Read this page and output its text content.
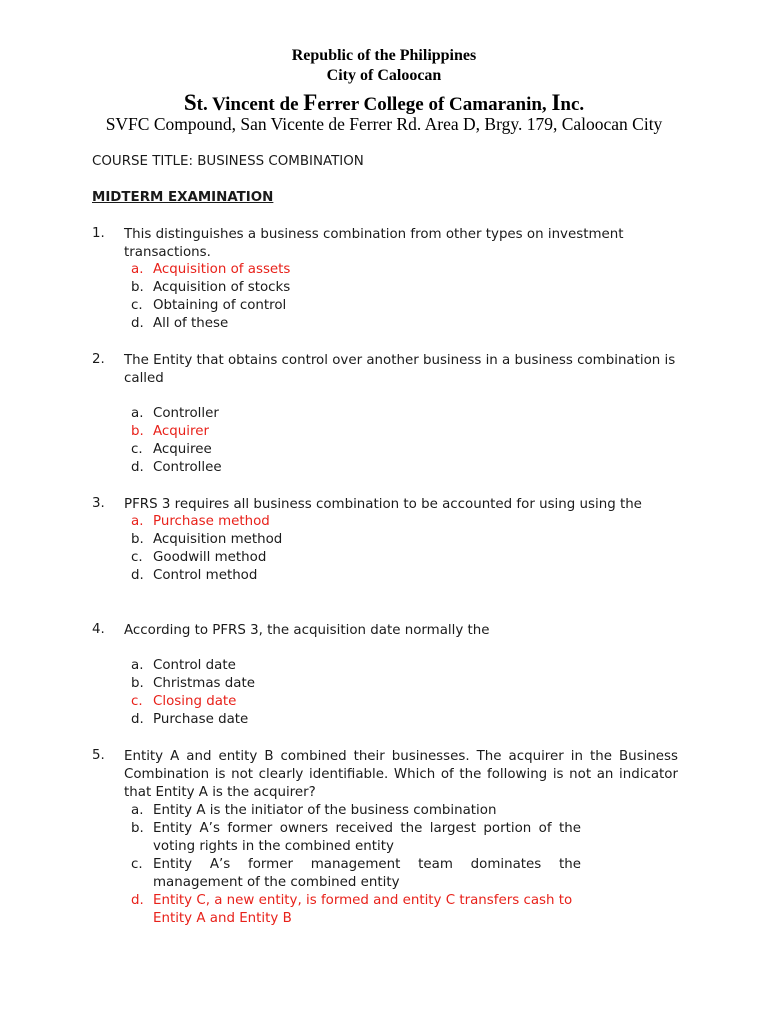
Republic of the Philippines
City of Caloocan
St. Vincent de Ferrer College of Camaranin, Inc.
SVFC Compound, San Vicente de Ferrer Rd. Area D, Brgy. 179, Caloocan City
COURSE TITLE: BUSINESS COMBINATION
MIDTERM EXAMINATION
1. This distinguishes a business combination from other types on investment transactions.
a. Acquisition of assets
b. Acquisition of stocks
c. Obtaining of control
d. All of these
2. The Entity that obtains control over another business in a business combination is called
a. Controller
b. Acquirer
c. Acquiree
d. Controllee
3. PFRS 3 requires all business combination to be accounted for using using the
a. Purchase method
b. Acquisition method
c. Goodwill method
d. Control method
4. According to PFRS 3, the acquisition date normally the
a. Control date
b. Christmas date
c. Closing date
d. Purchase date
5. Entity A and entity B combined their businesses. The acquirer in the Business Combination is not clearly identifiable. Which of the following is not an indicator that Entity A is the acquirer?
a. Entity A is the initiator of the business combination
b. Entity A’s former owners received the largest portion of the voting rights in the combined entity
c. Entity A’s former management team dominates the management of the combined entity
d. Entity C, a new entity, is formed and entity C transfers cash to Entity A and Entity B
